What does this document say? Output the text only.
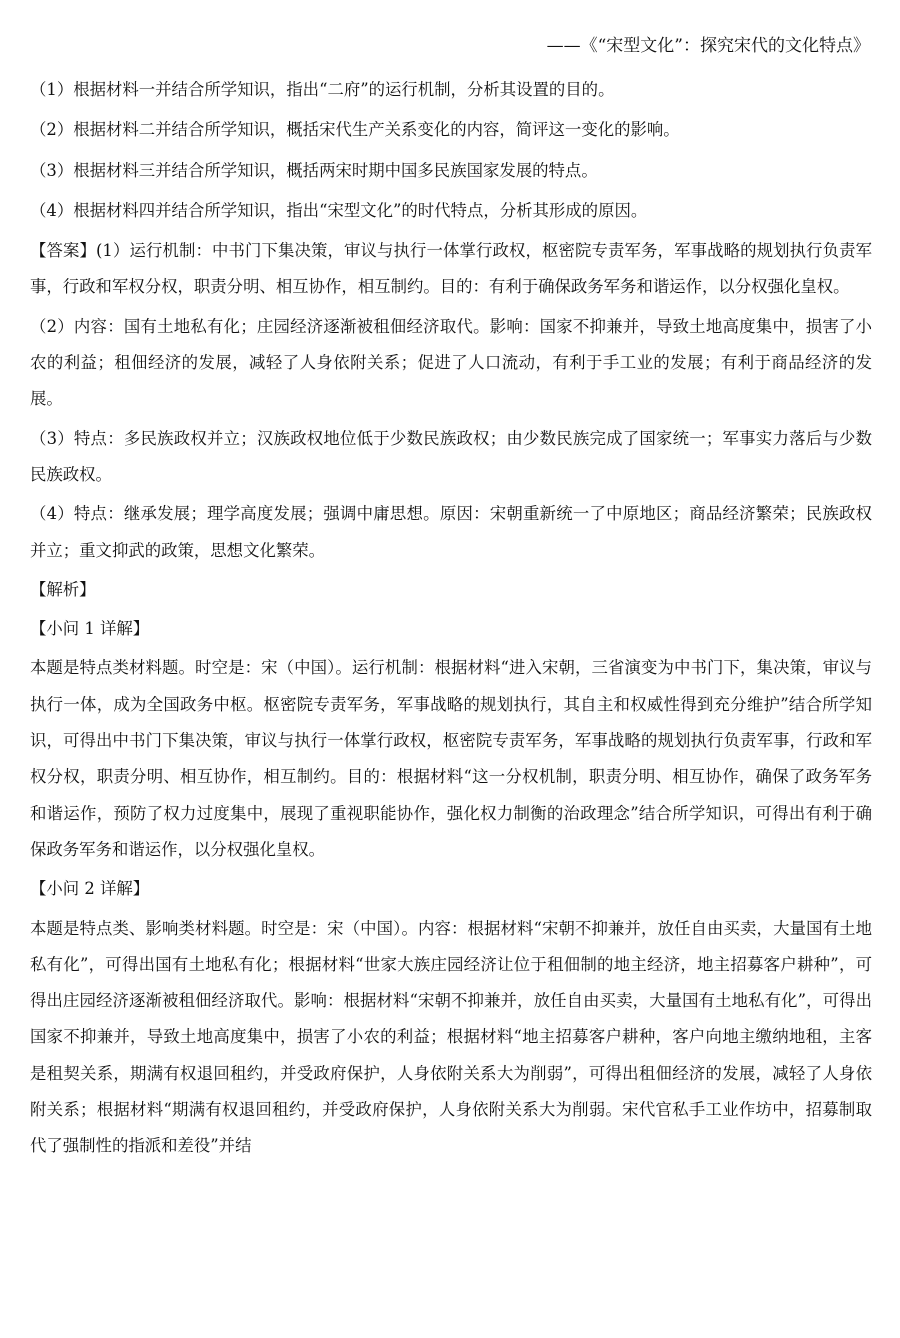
——《“宋型文化”：探究宋代的文化特点》

（1）根据材料一并结合所学知识，指出“二府”的运行机制，分析其设置的目的。

（2）根据材料二并结合所学知识，概括宋代生产关系变化的内容，简评这一变化的影响。

（3）根据材料三并结合所学知识，概括两宋时期中国多民族国家发展的特点。

（4）根据材料四并结合所学知识，指出“宋型文化”的时代特点，分析其形成的原因。

【答案】(1）运行机制：中书门下集决策，审议与执行一体掌行政权，枢密院专责军务，军事战略的规划执行负责军事，行政和军权分权，职责分明、相互协作，相互制约。目的：有利于确保政务军务和谐运作，以分权强化皇权。

（2）内容：国有土地私有化；庄园经济逐渐被租佃经济取代。影响：国家不抑兼并，导致土地高度集中，损害了小农的利益；租佃经济的发展，减轻了人身依附关系；促进了人口流动，有利于手工业的发展；有利于商品经济的发展。

（3）特点：多民族政权并立；汉族政权地位低于少数民族政权；由少数民族完成了国家统一；军事实力落后与少数民族政权。

（4）特点：继承发展；理学高度发展；强调中庸思想。原因：宋朝重新统一了中原地区；商品经济繁荣；民族政权并立；重文抑武的政策，思想文化繁荣。

【解析】

【小问 1 详解】

本题是特点类材料题。时空是：宋（中国）。运行机制：根据材料“进入宋朝，三省演变为中书门下，集决策，审议与执行一体，成为全国政务中枢。枢密院专责军务，军事战略的规划执行，其自主和权威性得到充分维护”结合所学知识，可得出中书门下集决策，审议与执行一体掌行政权，枢密院专责军务，军事战略的规划执行负责军事，行政和军权分权，职责分明、相互协作，相互制约。目的：根据材料“这一分权机制，职责分明、相互协作，确保了政务军务和谐运作，预防了权力过度集中，展现了重视职能协作，强化权力制衡的治政理念”结合所学知识，可得出有利于确保政务军务和谐运作，以分权强化皇权。

【小问 2 详解】

本题是特点类、影响类材料题。时空是：宋（中国）。内容：根据材料“宋朝不抑兼并，放任自由买卖，大量国有土地私有化”，可得出国有土地私有化；根据材料“世家大族庄园经济让位于租佃制的地主经济，地主招募客户耕种”，可得出庄园经济逐渐被租佃经济取代。影响：根据材料“宋朝不抑兼并，放任自由买卖，大量国有土地私有化”，可得出国家不抑兼并，导致土地高度集中，损害了小农的利益；根据材料“地主招募客户耕种，客户向地主缴纳地租，主客是租契关系，期满有权退回租约，并受政府保护，人身依附关系大为削弱”，可得出租佃经济的发展，减轻了人身依附关系；根据材料“期满有权退回租约，并受政府保护，人身依附关系大为削弱。宋代官私手工业作坊中，招募制取代了强制性的指派和差役”并结
